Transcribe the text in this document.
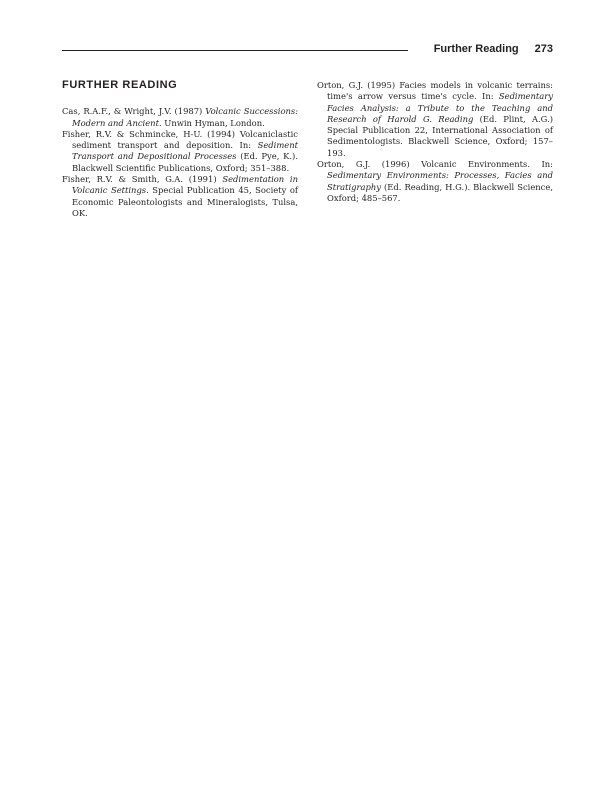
Further Reading 273
FURTHER READING

Cas, R.A.F., & Wright, J.V. (1987) Volcanic Successions: Modern and Ancient. Unwin Hyman, London.

Fisher, R.V. & Schmincke, H-U. (1994) Volcaniclastic sediment transport and deposition. In: Sediment Transport and Depositional Processes (Ed. Pye, K.). Blackwell Scientific Publications, Oxford; 351–388.

Fisher, R.V. & Smith, G.A. (1991) Sedimentation in Volcanic Settings. Special Publication 45, Society of Economic Paleontologists and Mineralogists, Tulsa, OK.

Orton, G.J. (1995) Facies models in volcanic terrains: time's arrow versus time's cycle. In: Sedimentary Facies Analysis: a Tribute to the Teaching and Research of Harold G. Reading (Ed. Plint, A.G.) Special Publication 22, International Association of Sedimentologists. Blackwell Science, Oxford; 157–193.

Orton, G.J. (1996) Volcanic Environments. In: Sedimentary Environments: Processes, Facies and Stratigraphy (Ed. Reading, H.G.). Blackwell Science, Oxford; 485–567.
